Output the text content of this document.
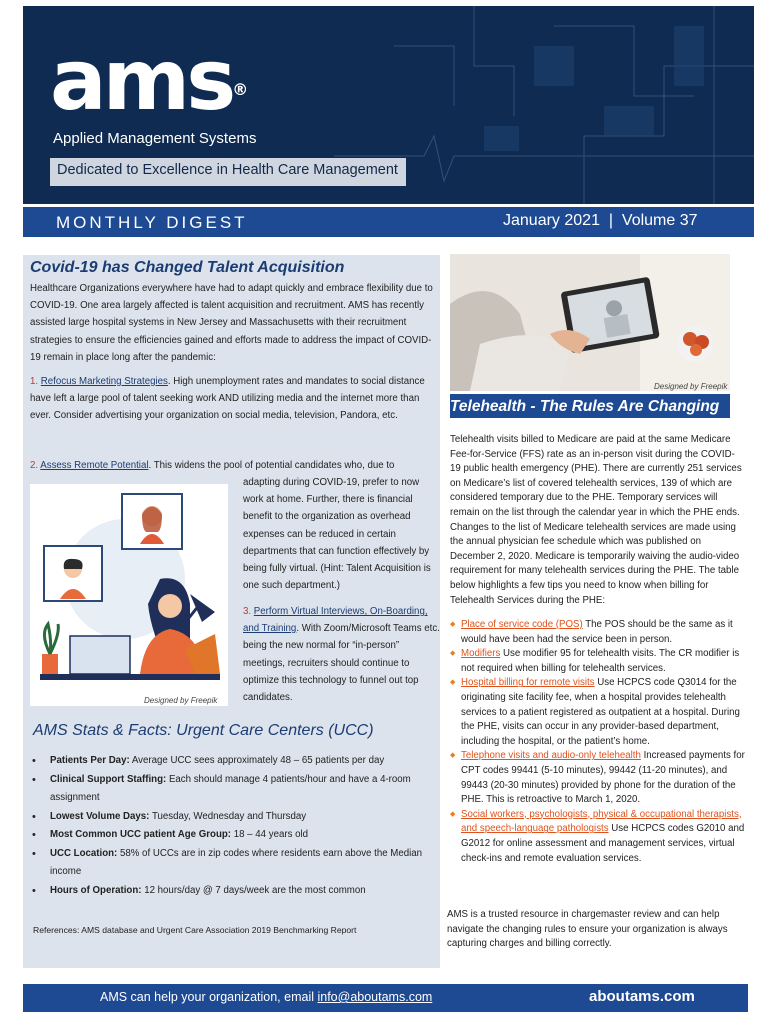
ams®
Applied Management Systems
Dedicated to Excellence in Health Care Management
MONTHLY DIGEST	January 2021  |  Volume 37
Covid-19 has Changed Talent Acquisition
Healthcare Organizations everywhere have had to adapt quickly and embrace flexibility due to COVID-19. One area largely affected is talent acquisition and recruitment. AMS has recently assisted large hospital systems in New Jersey and Massachusetts with their recruitment strategies to ensure the efficiencies gained and efforts made to address the impact of COVID-19 remain in place long after the pandemic:
1. Refocus Marketing Strategies. High unemployment rates and mandates to social distance have left a large pool of talent seeking work AND utilizing media and the internet more than ever. Consider advertising your organization on social media, television, Pandora, etc.
2. Assess Remote Potential. This widens the pool of potential candidates who, due to
adapting during COVID-19, prefer to now work at home. Further, there is financial benefit to the organization as overhead expenses can be reduced in certain departments that can function effectively by being fully virtual. (Hint: Talent Acquisition is one such department.)
3. Perform Virtual Interviews, On-Boarding, and Training. With Zoom/Microsoft Teams etc. being the new normal for “in-person” meetings, recruiters should continue to optimize this technology to funnel out top candidates.
Designed by Freepik
AMS Stats & Facts: Urgent Care Centers (UCC)
• Patients Per Day: Average UCC sees approximately 48 – 65 patients per day
• Clinical Support Staffing: Each should manage 4 patients/hour and have a 4-room assignment
• Lowest Volume Days: Tuesday, Wednesday and Thursday
• Most Common UCC patient Age Group: 18 – 44 years old
• UCC Location: 58% of UCCs are in zip codes where residents earn above the Median income
• Hours of Operation: 12 hours/day @ 7 days/week are the most common
References: AMS database and Urgent Care Association 2019 Benchmarking Report
Designed by Freepik
Telehealth - The Rules Are Changing
Telehealth visits billed to Medicare are paid at the same Medicare Fee-for-Service (FFS) rate as an in-person visit during the COVID-19 public health emergency (PHE). There are currently 251 services on Medicare’s list of covered telehealth services, 139 of which are considered temporary due to the PHE. Temporary services will remain on the list through the calendar year in which the PHE ends. Changes to the list of Medicare telehealth services are made using the annual physician fee schedule which was published on December 2, 2020. Medicare is temporarily waiving the audio-video requirement for many telehealth services during the PHE. The table below highlights a few tips you need to know when billing for Telehealth Services during the PHE:
◆ Place of service code (POS) The POS should be the same as it would have been had the service been in person.
◆ Modifiers Use modifier 95 for telehealth visits. The CR modifier is not required when billing for telehealth services.
◆ Hospital billing for remote visits Use HCPCS code Q3014 for the originating site facility fee, when a hospital provides telehealth services to a patient registered as outpatient at a hospital. During the PHE, visits can occur in any provider-based department, including the hospital, or the patient’s home.
◆ Telephone visits and audio-only telehealth Increased payments for CPT codes 99441 (5-10 minutes), 99442 (11-20 minutes), and 99443 (20-30 minutes) provided by phone for the duration of the PHE. This is retroactive to March 1, 2020.
◆ Social workers, psychologists, physical & occupational therapists, and speech-language pathologists Use HCPCS codes G2010 and G2012 for online assessment and management services, virtual check-ins and remote evaluation services.
AMS is a trusted resource in chargemaster review and can help navigate the changing rules to ensure your organization is always capturing charges and billing correctly.
AMS can help your organization, email info@aboutams.com	aboutams.com
